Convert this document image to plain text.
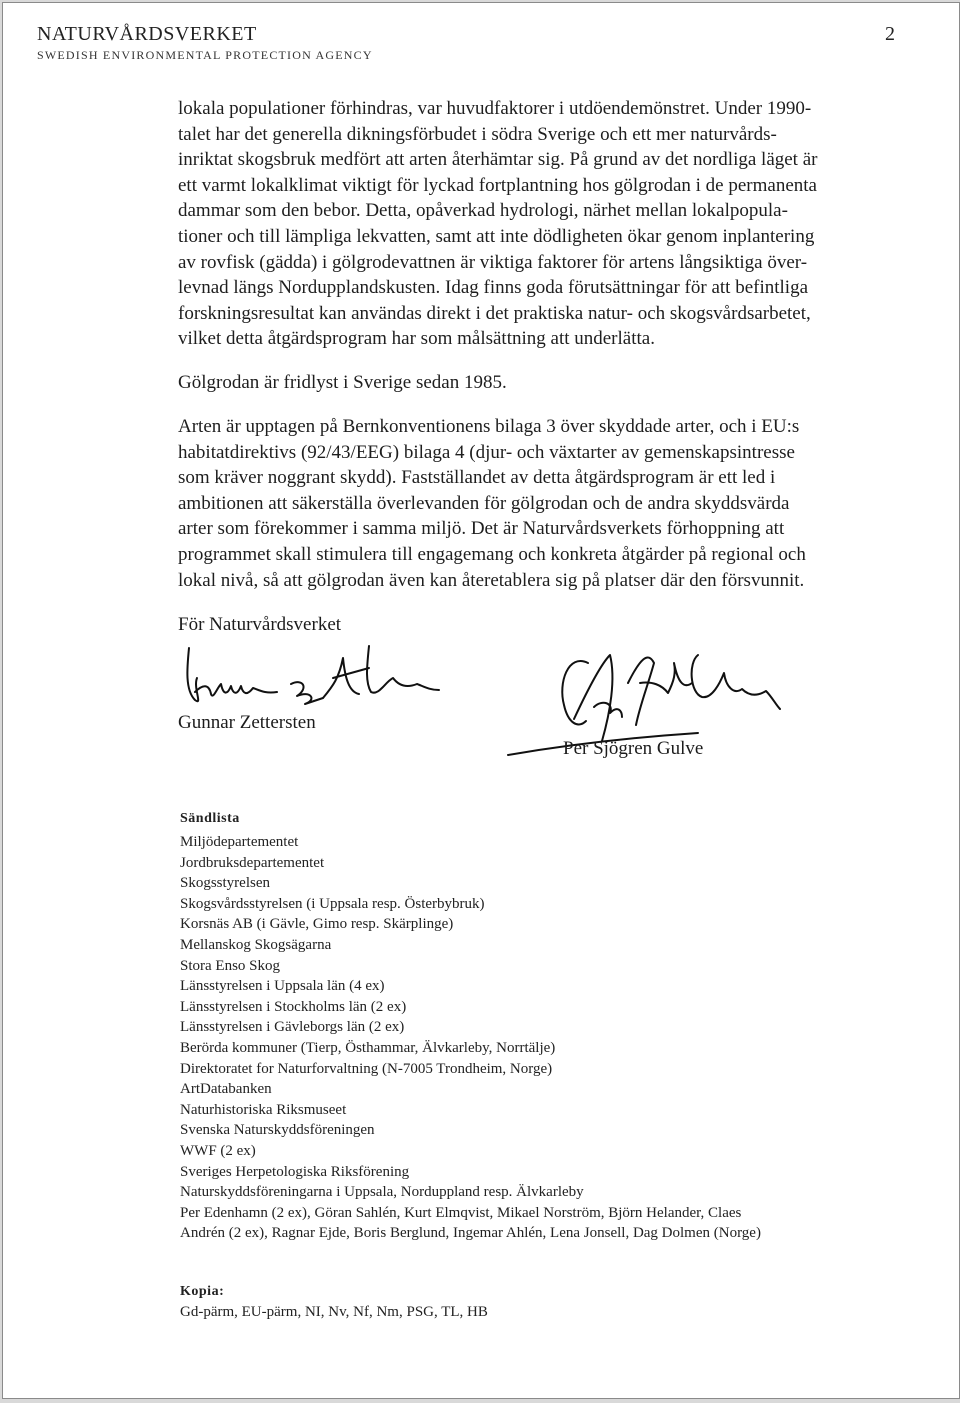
NATURVÅRDSVERKET
SWEDISH ENVIRONMENTAL PROTECTION AGENCY
2
lokala populationer förhindras, var huvudfaktorer i utdöendemönstret. Under 1990-
talet har det generella dikningsförbudet i södra Sverige och ett mer naturvårds-
inriktat skogsbruk medfört att arten återhämtar sig. På grund av det nordliga läget är
ett varmt lokalklimat viktigt för lyckad fortplantning hos gölgrodan i de permanenta
dammar som den bebor. Detta, opåverkad hydrologi, närhet mellan lokalpopula-
tioner och till lämpliga lekvatten, samt att inte dödligheten ökar genom inplantering
av rovfisk (gädda) i gölgrodevattnen är viktiga faktorer för artens långsiktiga över-
levnad längs Nordupplandskusten. Idag finns goda förutsättningar för att befintliga
forskningsresultat kan användas direkt i det praktiska natur- och skogsvårdsarbetet,
vilket detta åtgärdsprogram har som målsättning att underlätta.
Gölgrodan är fridlyst i Sverige sedan 1985.
Arten är upptagen på Bernkonventionens bilaga 3 över skyddade arter, och i EU:s
habitatdirektivs (92/43/EEG) bilaga 4 (djur- och växtarter av gemenskapsintresse
som kräver noggrant skydd). Fastställandet av detta åtgärdsprogram är ett led i
ambitionen att säkerställa överlevanden för gölgrodan och de andra skyddsvärda
arter som förekommer i samma miljö. Det är Naturvårdsverkets förhoppning att
programmet skall stimulera till engagemang och konkreta åtgärder på regional och
lokal nivå, så att gölgrodan även kan återetablera sig på platser där den försvunnit.
För Naturvårdsverket
Gunnar Zettersten
Per Sjögren Gulve
Sändlista
Miljödepartementet
Jordbruksdepartementet
Skogsstyrelsen
Skogsvårdsstyrelsen (i Uppsala resp. Österbybruk)
Korsnäs AB (i Gävle, Gimo resp. Skärplinge)
Mellanskog Skogsägarna
Stora Enso Skog
Länsstyrelsen i Uppsala län (4 ex)
Länsstyrelsen i Stockholms län (2 ex)
Länsstyrelsen i Gävleborgs län (2 ex)
Berörda kommuner (Tierp, Östhammar, Älvkarleby, Norrtälje)
Direktoratet for Naturforvaltning (N-7005 Trondheim, Norge)
ArtDatabanken
Naturhistoriska Riksmuseet
Svenska Naturskyddsföreningen
WWF (2 ex)
Sveriges Herpetologiska Riksförening
Naturskyddsföreningarna i Uppsala, Norduppland resp. Älvkarleby
Per Edenhamn (2 ex), Göran Sahlén, Kurt Elmqvist, Mikael Norström, Björn Helander, Claes
Andrén (2 ex), Ragnar Ejde, Boris Berglund, Ingemar Ahlén, Lena Jonsell, Dag Dolmen (Norge)
Kopia:
Gd-pärm, EU-pärm, NI, Nv, Nf, Nm, PSG, TL, HB
